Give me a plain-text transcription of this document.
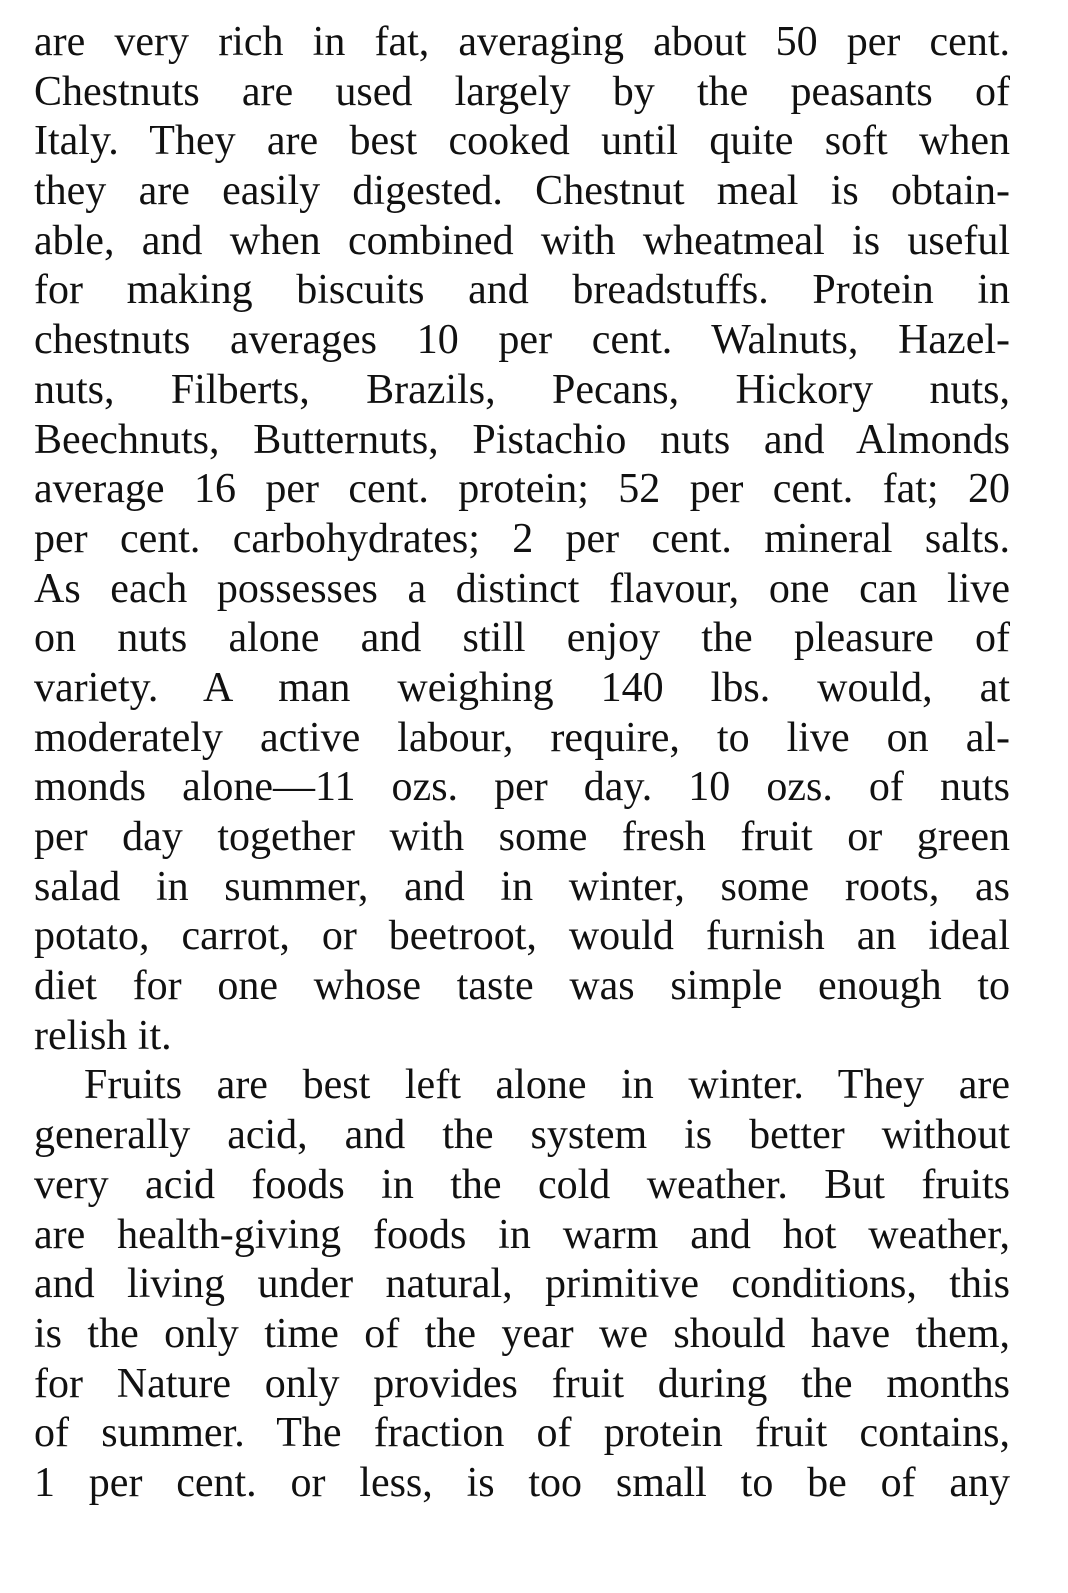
are very rich in fat, averaging about 50 per cent.
Chestnuts are used largely by the peasants of
Italy. They are best cooked until quite soft when
they are easily digested. Chestnut meal is obtain-
able, and when combined with wheatmeal is useful
for making biscuits and breadstuffs. Protein in
chestnuts averages 10 per cent. Walnuts, Hazel-
nuts, Filberts, Brazils, Pecans, Hickory nuts,
Beechnuts, Butternuts, Pistachio nuts and Almonds
average 16 per cent. protein; 52 per cent. fat; 20
per cent. carbohydrates; 2 per cent. mineral salts.
As each possesses a distinct flavour, one can live
on nuts alone and still enjoy the pleasure of
variety. A man weighing 140 lbs. would, at
moderately active labour, require, to live on al-
monds alone—11 ozs. per day. 10 ozs. of nuts
per day together with some fresh fruit or green
salad in summer, and in winter, some roots, as
potato, carrot, or beetroot, would furnish an ideal
diet for one whose taste was simple enough to
relish it.
Fruits are best left alone in winter. They are
generally acid, and the system is better without
very acid foods in the cold weather. But fruits
are health-giving foods in warm and hot weather,
and living under natural, primitive conditions, this
is the only time of the year we should have them,
for Nature only provides fruit during the months
of summer. The fraction of protein fruit contains,
1 per cent. or less, is too small to be of any
